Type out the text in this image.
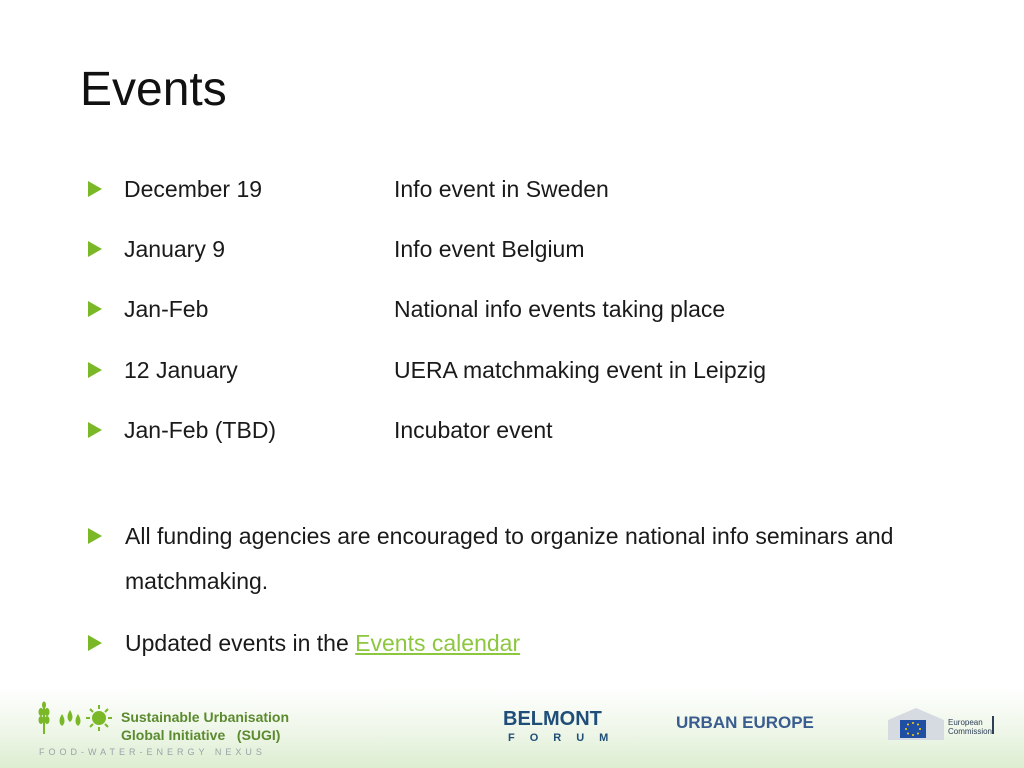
Events
December 19	Info event in Sweden
January 9	Info event Belgium
Jan-Feb	National info events taking place
12 January	UERA matchmaking event in Leipzig
Jan-Feb (TBD)	Incubator event
All funding agencies are encouraged to organize national info seminars and matchmaking.
Updated events in the Events calendar
Sustainable Urbanisation
Global Initiative   (SUGI)
FOOD-WATER-ENERGY NEXUS
BELMONT
FORUM
URBAN EUROPE	European
Commission
